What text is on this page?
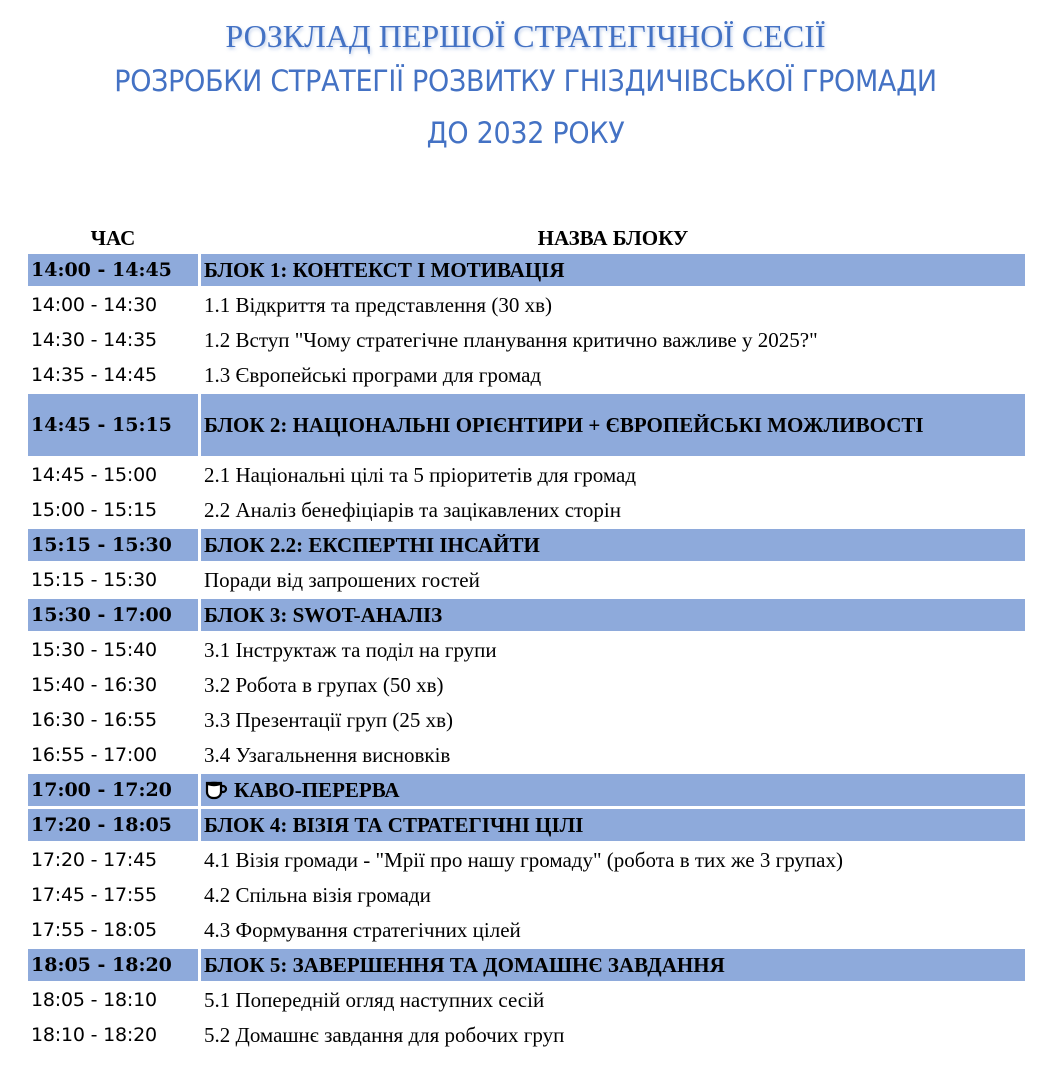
РОЗКЛАД ПЕРШОЇ СТРАТЕГІЧНОЇ СЕСІЇ
РОЗРОБКИ СТРАТЕГІЇ РОЗВИТКУ ГНІЗДИЧІВСЬКОЇ ГРОМАДИ
ДО 2032 РОКУ
ЧАС	НАЗВА БЛОКУ
14:00 - 14:45	БЛОК 1: КОНТЕКСТ І МОТИВАЦІЯ
14:00 - 14:30	1.1 Відкриття та представлення (30 хв)
14:30 - 14:35	1.2 Вступ "Чому стратегічне планування критично важливе у 2025?"
14:35 - 14:45	1.3 Європейські програми для громад
14:45 - 15:15	БЛОК 2: НАЦІОНАЛЬНІ ОРІЄНТИРИ + ЄВРОПЕЙСЬКІ МОЖЛИВОСТІ
14:45 - 15:00	2.1 Національні цілі та 5 пріоритетів для громад
15:00 - 15:15	2.2 Аналіз бенефіціарів та зацікавлених сторін
15:15 - 15:30	БЛОК 2.2: ЕКСПЕРТНІ ІНСАЙТИ
15:15 - 15:30	Поради від запрошених гостей
15:30 - 17:00	БЛОК 3: SWOT-АНАЛІЗ
15:30 - 15:40	3.1 Інструктаж та поділ на групи
15:40 - 16:30	3.2 Робота в групах (50 хв)
16:30 - 16:55	3.3 Презентації груп (25 хв)
16:55 - 17:00	3.4 Узагальнення висновків
17:00 - 17:20	КАВО-ПЕРЕРВА
17:20 - 18:05	БЛОК 4: ВІЗІЯ ТА СТРАТЕГІЧНІ ЦІЛІ
17:20 - 17:45	4.1 Візія громади - "Мрії про нашу громаду" (робота в тих же 3 групах)
17:45 - 17:55	4.2 Спільна візія громади
17:55 - 18:05	4.3 Формування стратегічних цілей
18:05 - 18:20	БЛОК 5: ЗАВЕРШЕННЯ ТА ДОМАШНЄ ЗАВДАННЯ
18:05 - 18:10	5.1 Попередній огляд наступних сесій
18:10 - 18:20	5.2 Домашнє завдання для робочих груп
